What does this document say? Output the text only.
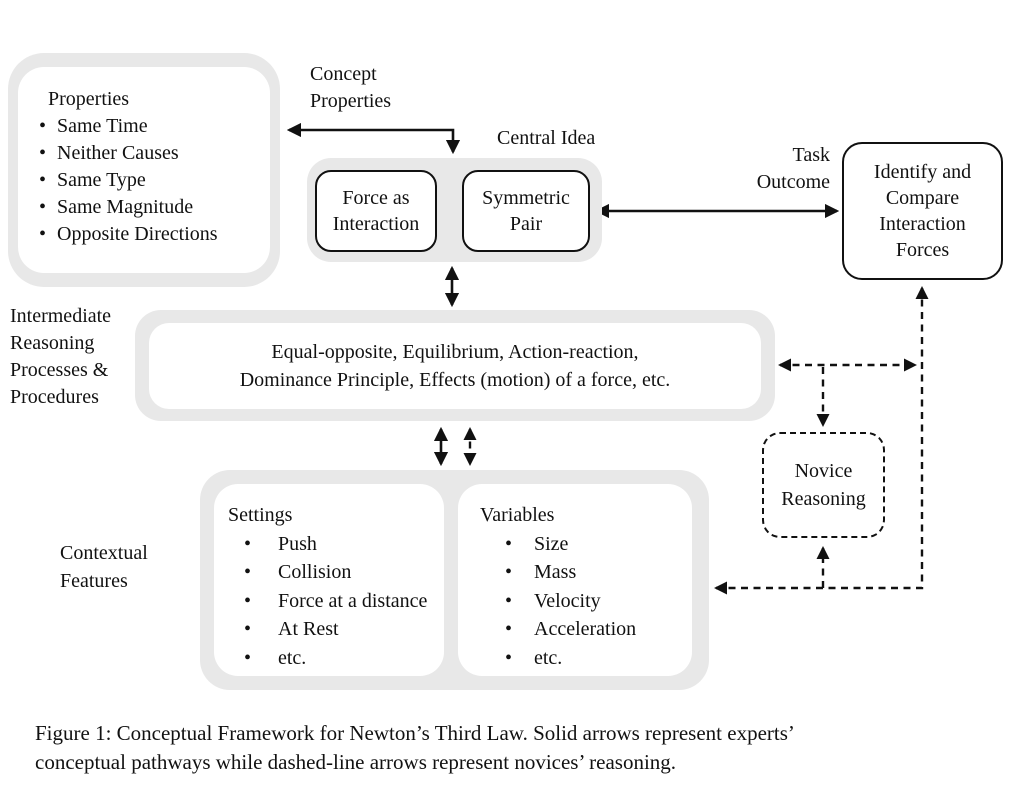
Properties
• Same Time
• Neither Causes
• Same Type
• Same Magnitude
• Opposite Directions
Concept
Properties
Central Idea
Force as Interaction
Symmetric Pair
Task
Outcome	Identify and Compare Interaction Forces
Intermediate
Reasoning
Processes &
Procedures
Equal-opposite, Equilibrium, Action-reaction,
Dominance Principle, Effects (motion) of a force, etc.
Contextual
Features
Settings
• Push
• Collision
• Force at a distance
• At Rest
• etc.
Variables
• Size
• Mass
• Velocity
• Acceleration
• etc.
Novice Reasoning
Figure 1: Conceptual Framework for Newton’s Third Law. Solid arrows represent experts’
conceptual pathways while dashed-line arrows represent novices’ reasoning.
